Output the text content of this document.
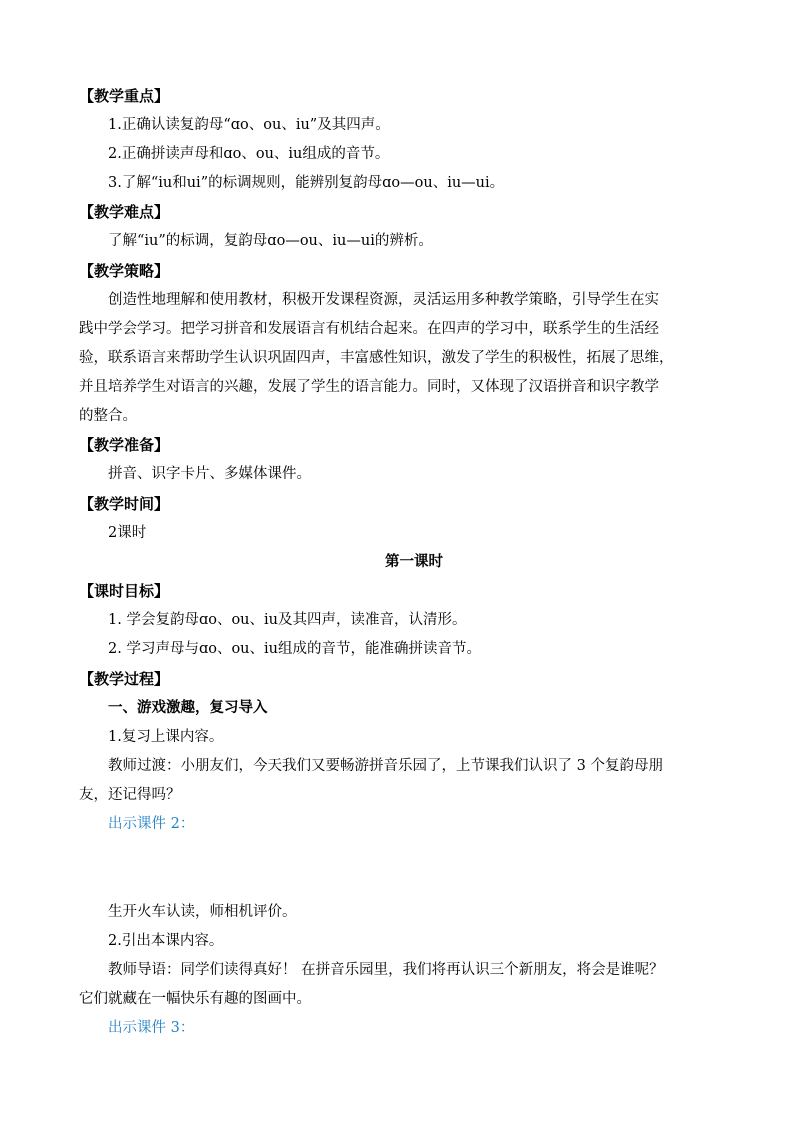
【教学重点】
1.正确认读复韵母“ɑo、ou、iu”及其四声。
2.正确拼读声母和ɑo、ou、iu组成的音节。
3.了解“iu和ui”的标调规则，能辨别复韵母ɑo—ou、iu—ui。
【教学难点】
了解“iu”的标调，复韵母ɑo—ou、iu—ui的辨析。
【教学策略】
创造性地理解和使用教材，积极开发课程资源，灵活运用多种教学策略，引导学生在实
践中学会学习。把学习拼音和发展语言有机结合起来。在四声的学习中，联系学生的生活经
验，联系语言来帮助学生认识巩固四声，丰富感性知识，激发了学生的积极性，拓展了思维，
并且培养学生对语言的兴趣，发展了学生的语言能力。同时，又体现了汉语拼音和识字教学
的整合。
【教学准备】
拼音、识字卡片、多媒体课件。
【教学时间】
2课时
第一课时
【课时目标】
1. 学会复韵母ɑo、ou、iu及其四声，读准音，认清形。
2. 学习声母与ɑo、ou、iu组成的音节，能准确拼读音节。
【教学过程】
一、游戏激趣，复习导入
1.复习上课内容。
教师过渡：小朋友们，今天我们又要畅游拼音乐园了，上节课我们认识了 3 个复韵母朋
友，还记得吗？
出示课件 2：
生开火车认读，师相机评价。
2.引出本课内容。
教师导语：同学们读得真好！ 在拼音乐园里，我们将再认识三个新朋友，将会是谁呢？
它们就藏在一幅快乐有趣的图画中。
出示课件 3：
